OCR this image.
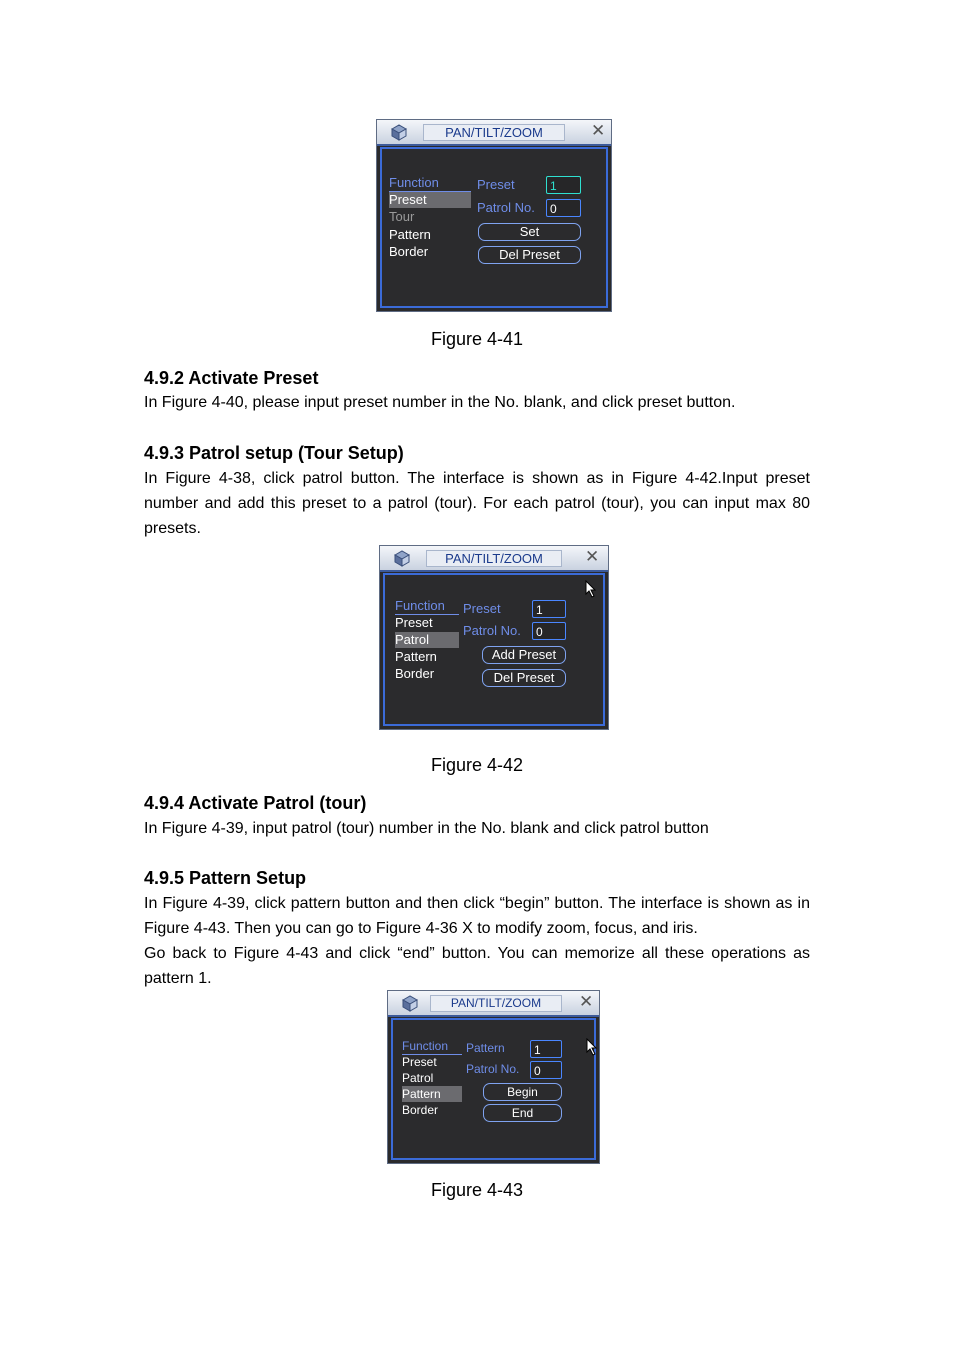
PAN/TILT/ZOOM	✕
Function
Preset
Tour
Pattern
Border
Preset	1
Patrol No.	0
Set
Del Preset
Figure 4-41
4.9.2 Activate Preset

In Figure 4-40, please input preset number in the No. blank, and click preset button.

4.9.3 Patrol setup (Tour Setup)

In Figure 4-38, click patrol button. The interface is shown as in Figure 4-42.Input preset number and add this preset to a patrol (tour). For each patrol (tour), you can input max 80 presets.

PAN/TILT/ZOOM	✕
Function
Preset
Patrol
Pattern
Border
Preset	1
Patrol No.	0
Add Preset
Del Preset
Figure 4-42
4.9.4 Activate Patrol (tour)

In Figure 4-39, input patrol (tour) number in the No. blank and click patrol button

4.9.5 Pattern Setup

In Figure 4-39, click pattern button and then click “begin” button. The interface is shown as in Figure 4-43. Then you can go to Figure 4-36 X to modify zoom, focus, and iris.

Go back to Figure 4-43 and click “end” button. You can memorize all these operations as pattern 1.

PAN/TILT/ZOOM	✕
Function
Preset
Patrol
Pattern
Border
Pattern	1
Patrol No.	0
Begin
End
Figure 4-43
